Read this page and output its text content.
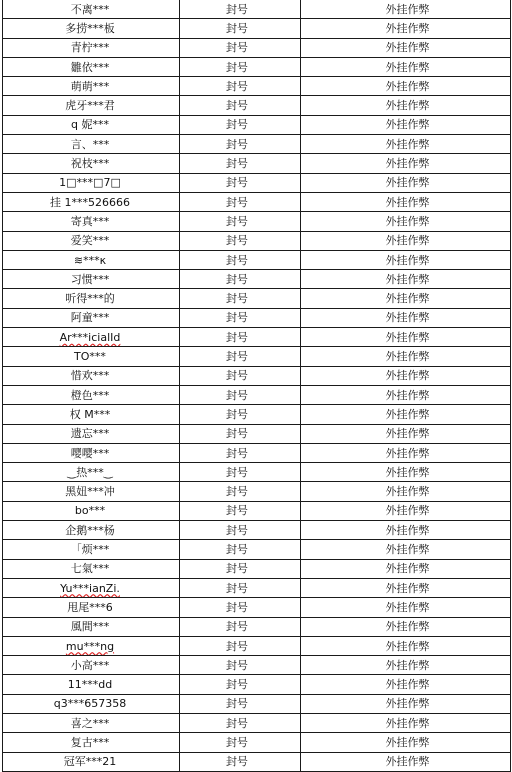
不离***	封号	外挂作弊
多捞***板	封号	外挂作弊
青柠***	封号	外挂作弊
雛依***	封号	外挂作弊
萌萌***	封号	外挂作弊
虎牙***君	封号	外挂作弊
q 妮***	封号	外挂作弊
言、***	封号	外挂作弊
祝枝***	封号	外挂作弊
1□***□7□	封号	外挂作弊
挂 1***526666	封号	外挂作弊
寄真***	封号	外挂作弊
爱笑***	封号	外挂作弊
≋***κ	封号	外挂作弊
习惯***	封号	外挂作弊
听得***的	封号	外挂作弊
阿童***	封号	外挂作弊
Ar***icialId	封号	外挂作弊
TO***	封号	外挂作弊
惜欢***	封号	外挂作弊
橙色***	封号	外挂作弊
权 M***	封号	外挂作弊
遗忘***	封号	外挂作弊
嘤嘤***	封号	外挂作弊
‿热***‿	封号	外挂作弊
黑妞***冲	封号	外挂作弊
bo***	封号	外挂作弊
企鹅***杨	封号	外挂作弊
「烦***	封号	外挂作弊
七氣***	封号	外挂作弊
Yu***ianZi.	封号	外挂作弊
甩尾***6	封号	外挂作弊
風間***	封号	外挂作弊
mu***ng	封号	外挂作弊
小高***	封号	外挂作弊
11***dd	封号	外挂作弊
q3***657358	封号	外挂作弊
喜之***	封号	外挂作弊
复古***	封号	外挂作弊
冠军***21	封号	外挂作弊
